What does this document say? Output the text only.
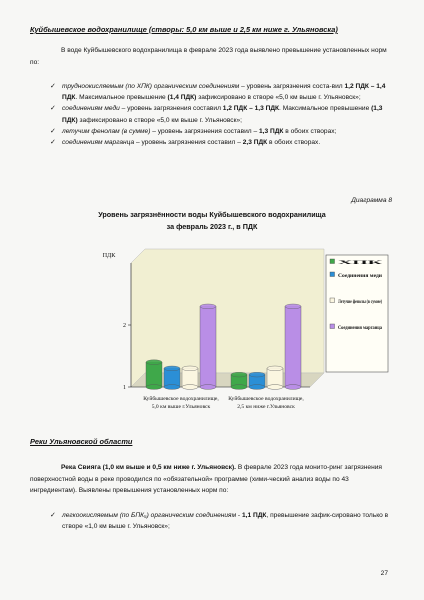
Куйбышевское водохранилище (створы: 5,0 км выше и 2,5 км ниже г. Ульяновска)
В воде Куйбышевского водохранилища в феврале 2023 года выявлено превышение установленных норм по:
✓ трудноокисляемым (по ХПК) органическим соединениям – уровень загрязнения соста-вил 1,2 ПДК – 1,4 ПДК. Максимальное превышение (1,4 ПДК) зафиксировано в створе «5,0 км выше г. Ульяновск»;
✓ соединениям меди – уровень загрязнения составил 1,2 ПДК – 1,3 ПДК. Максимальное превышение (1,3 ПДК) зафиксировано в створе «5,0 км выше г. Ульяновск»;
✓ летучим фенолам (в сумме) – уровень загрязнения составил – 1,3 ПДК в обоих створах;
✓ соединениям марганца – уровень загрязнения составил – 2,3 ПДК в обоих створах.
Диаграмма 8
Уровень загрязнённости воды Куйбышевского водохранилища
за февраль 2023 г., в ПДК
ПДК
1
2
Куйбышевское водохранилище,
5,0 км выше г.Ульяновск
Куйбышевское водохранилище,
2,5 км ниже г.Ульяновск
ХПК
Соединения меди
Летучие фенолы (в сумме)
Соединения марганца
Реки Ульяновской области
Река Свияга (1,0 км выше и 0,5 км ниже г. Ульяновск). В феврале 2023 года монито-ринг загрязнения поверхностной воды в реке проводился по «обязательной» программе (хими-ческий анализ воды по 43 ингредиентам). Выявлены превышения установленных норм по:
✓ легкоокисляемым (по БПК₅) органическим соединениям - 1,1 ПДК, превышение зафик-сировано только в створе «1,0 км выше г. Ульяновск»;
27
